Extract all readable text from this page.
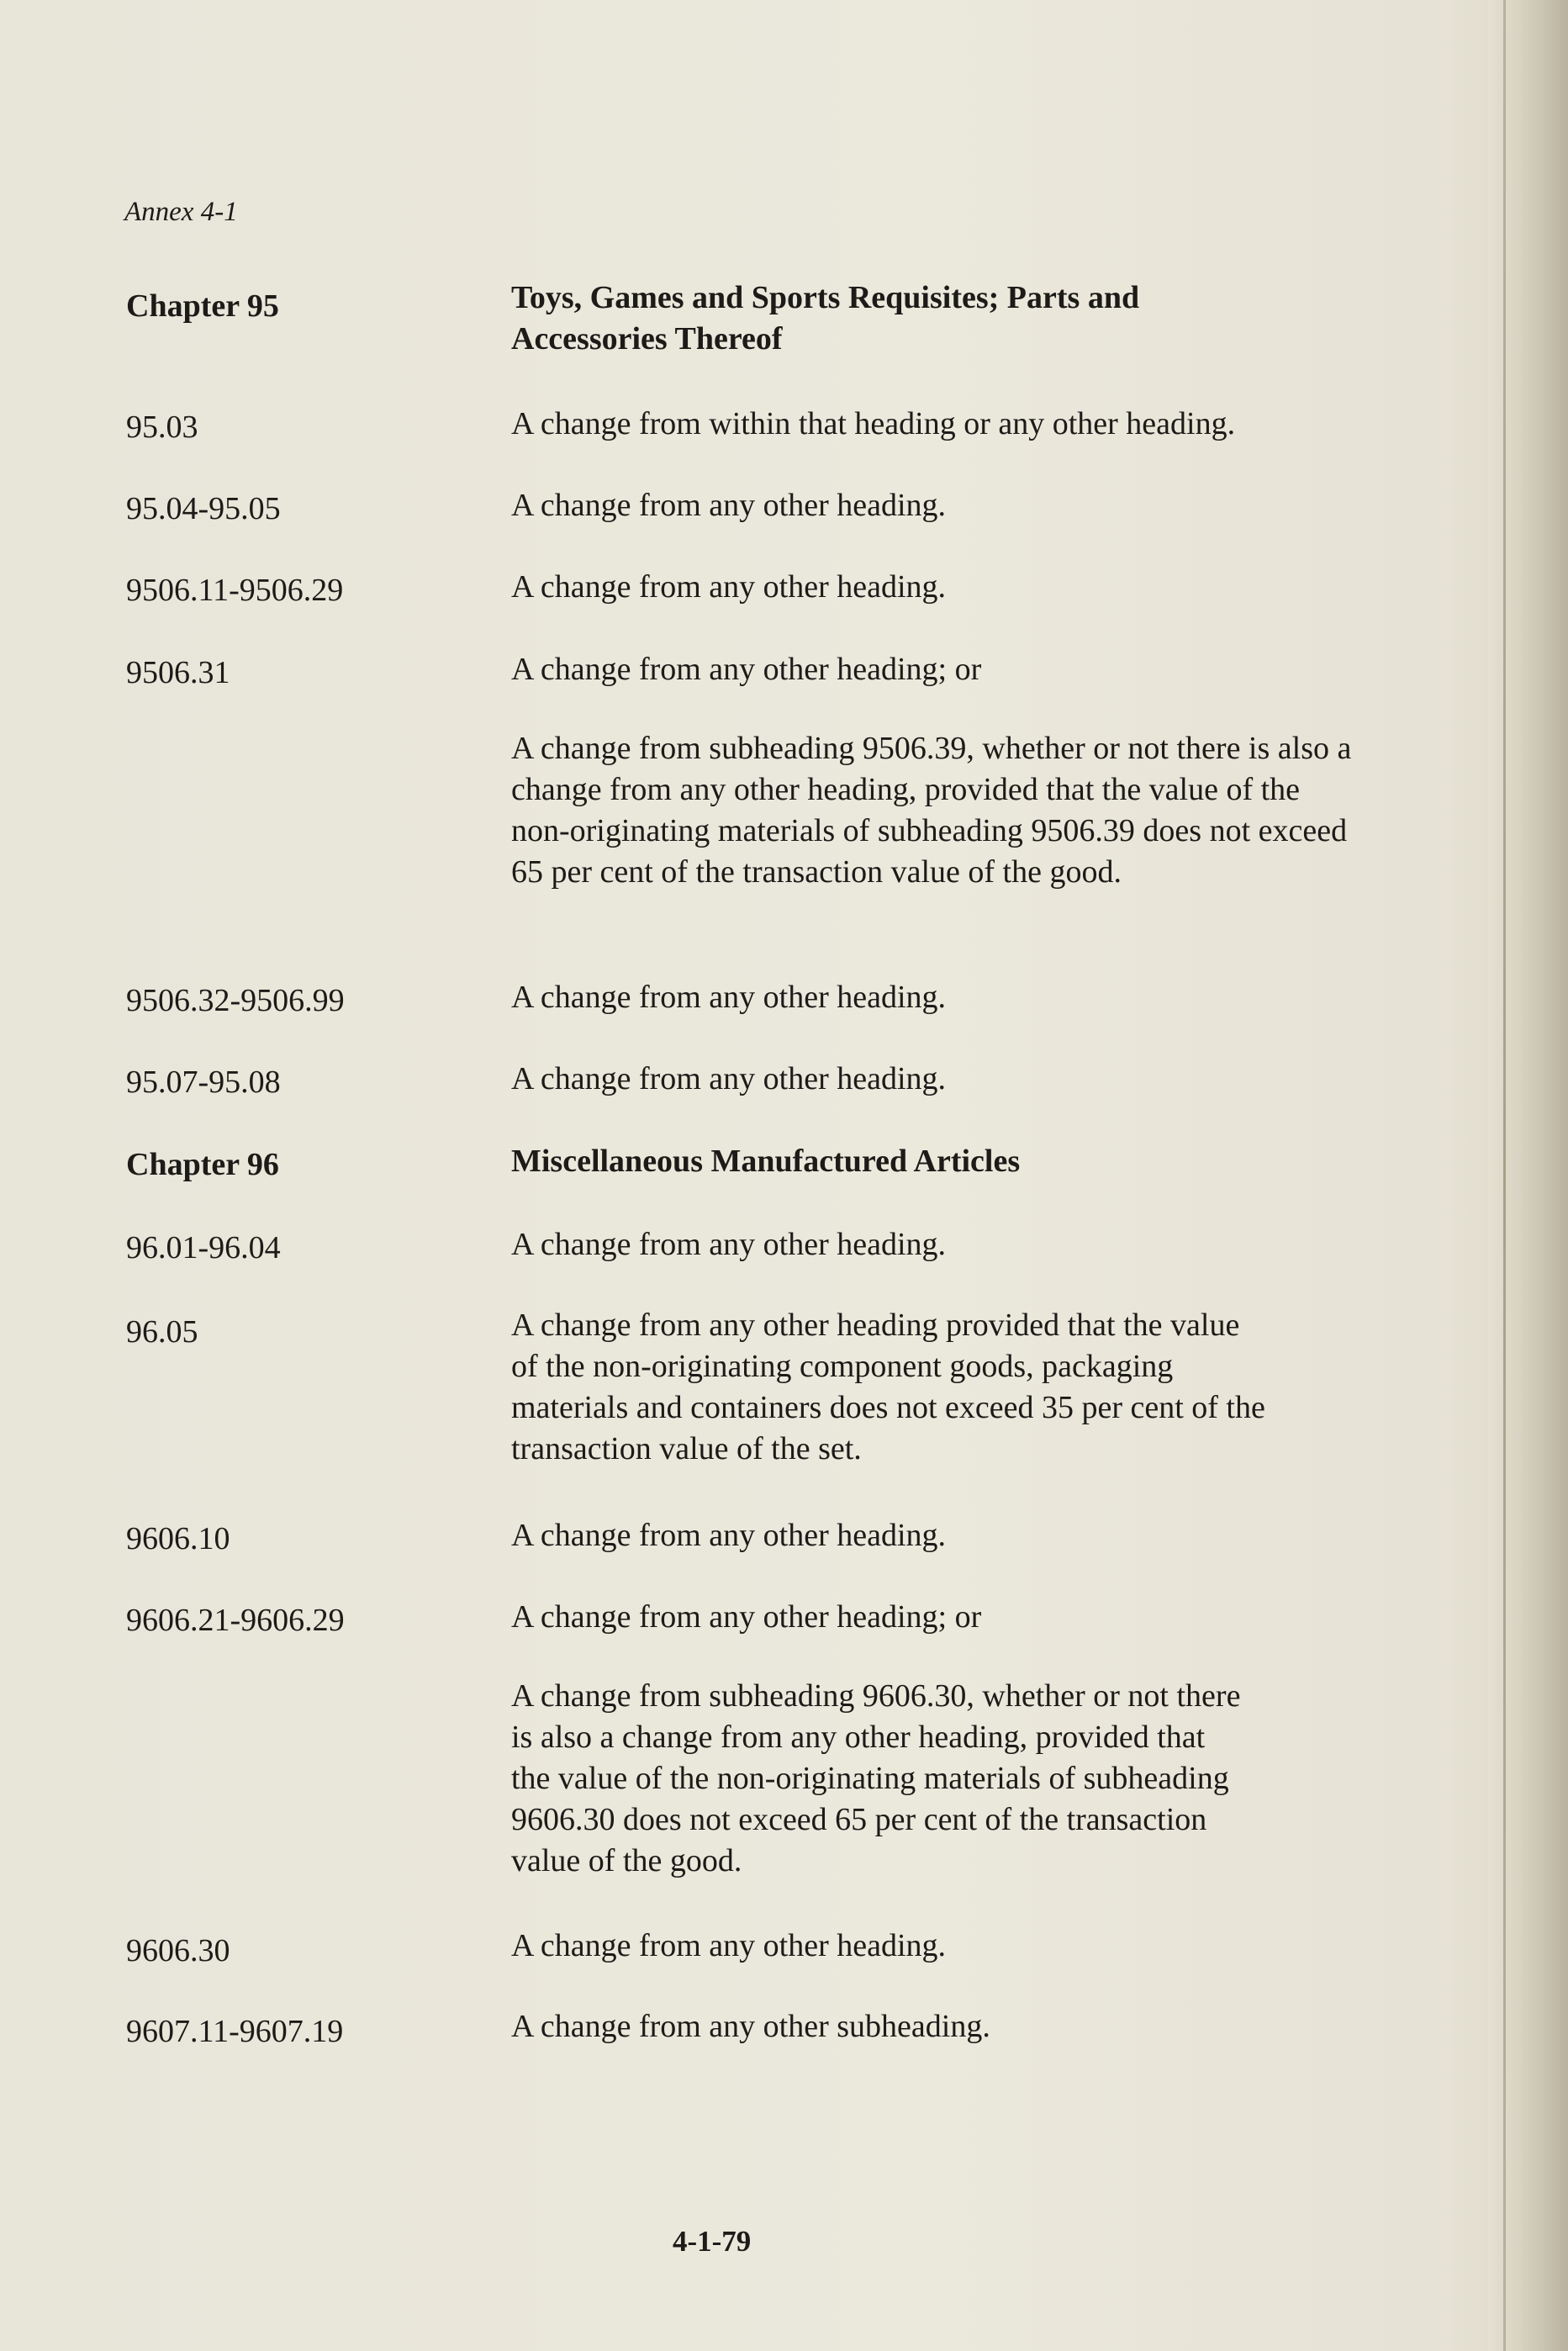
Annex 4-1
Chapter 95	Toys, Games and Sports Requisites; Parts and Accessories Thereof
95.03	A change from within that heading or any other heading.
95.04-95.05	A change from any other heading.
9506.11-9506.29	A change from any other heading.
9506.31	A change from any other heading; or
A change from subheading 9506.39, whether or not there is also a change from any other heading, provided that the value of the non-originating materials of subheading 9506.39 does not exceed 65 per cent of the transaction value of the good.
9506.32-9506.99	A change from any other heading.
95.07-95.08	A change from any other heading.
Chapter 96	Miscellaneous Manufactured Articles
96.01-96.04	A change from any other heading.
96.05	A change from any other heading provided that the value of the non-originating component goods, packaging materials and containers does not exceed 35 per cent of the transaction value of the set.
9606.10	A change from any other heading.
9606.21-9606.29	A change from any other heading; or
A change from subheading 9606.30, whether or not there is also a change from any other heading, provided that the value of the non-originating materials of subheading 9606.30 does not exceed 65 per cent of the transaction value of the good.
9606.30	A change from any other heading.
9607.11-9607.19	A change from any other subheading.
4-1-79
